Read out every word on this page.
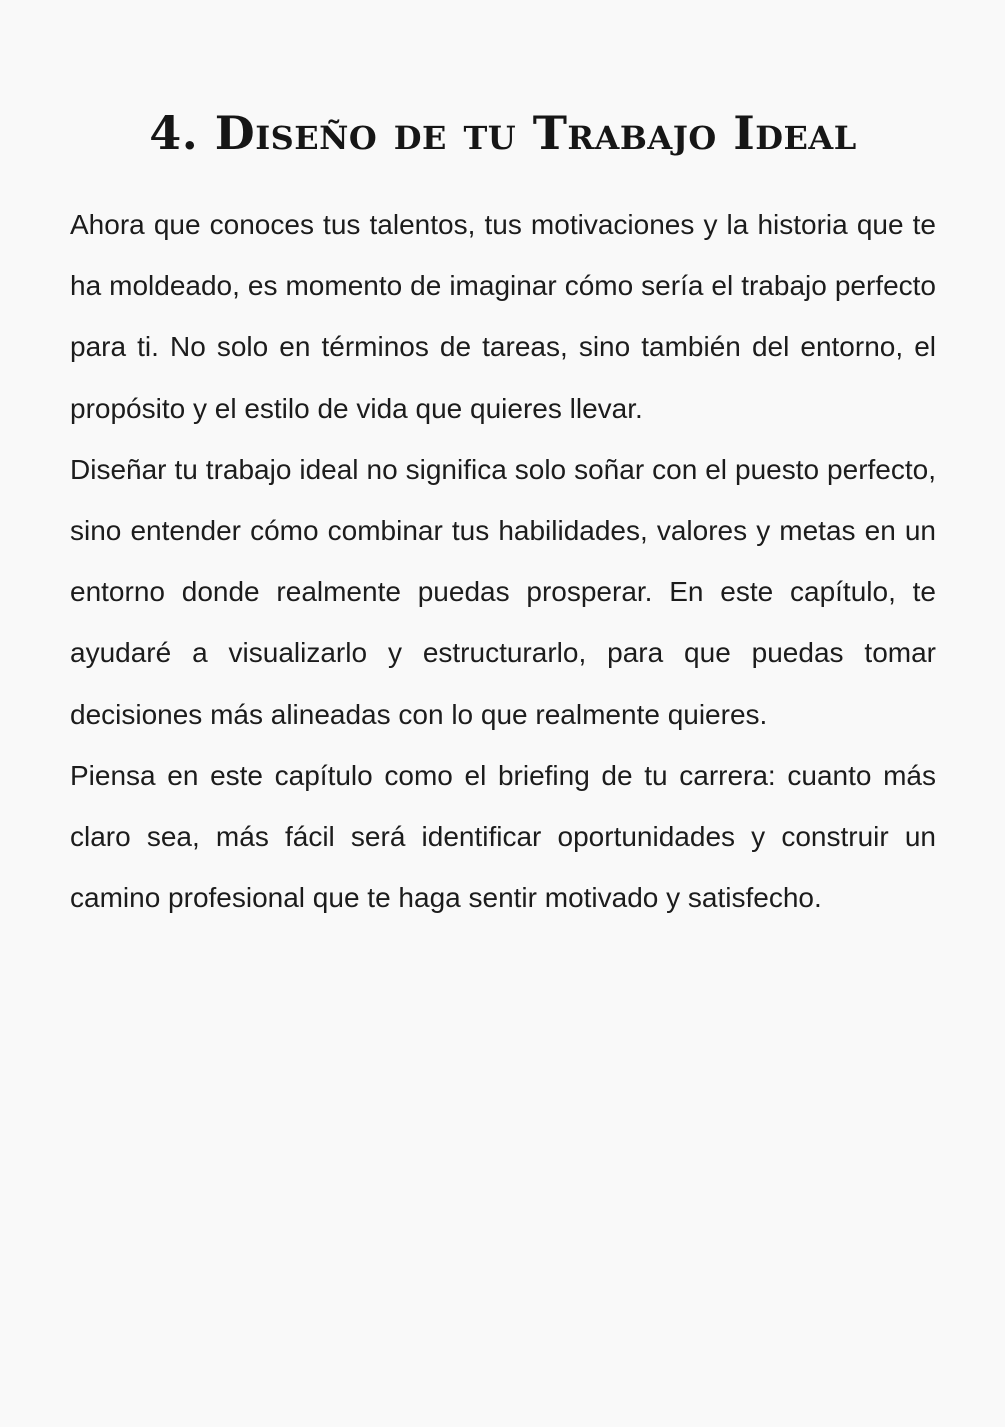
4. Diseño de tu Trabajo Ideal

Ahora que conoces tus talentos, tus motivaciones y la historia que te ha moldeado, es momento de imaginar cómo sería el trabajo perfecto para ti. No solo en términos de tareas, sino también del entorno, el propósito y el estilo de vida que quieres llevar.

Diseñar tu trabajo ideal no significa solo soñar con el puesto perfecto, sino entender cómo combinar tus habilidades, valores y metas en un entorno donde realmente puedas prosperar. En este capítulo, te ayudaré a visualizarlo y estructurarlo, para que puedas tomar decisiones más alineadas con lo que realmente quieres.

Piensa en este capítulo como el briefing de tu carrera: cuanto más claro sea, más fácil será identificar oportunidades y construir un camino profesional que te haga sentir motivado y satisfecho.
